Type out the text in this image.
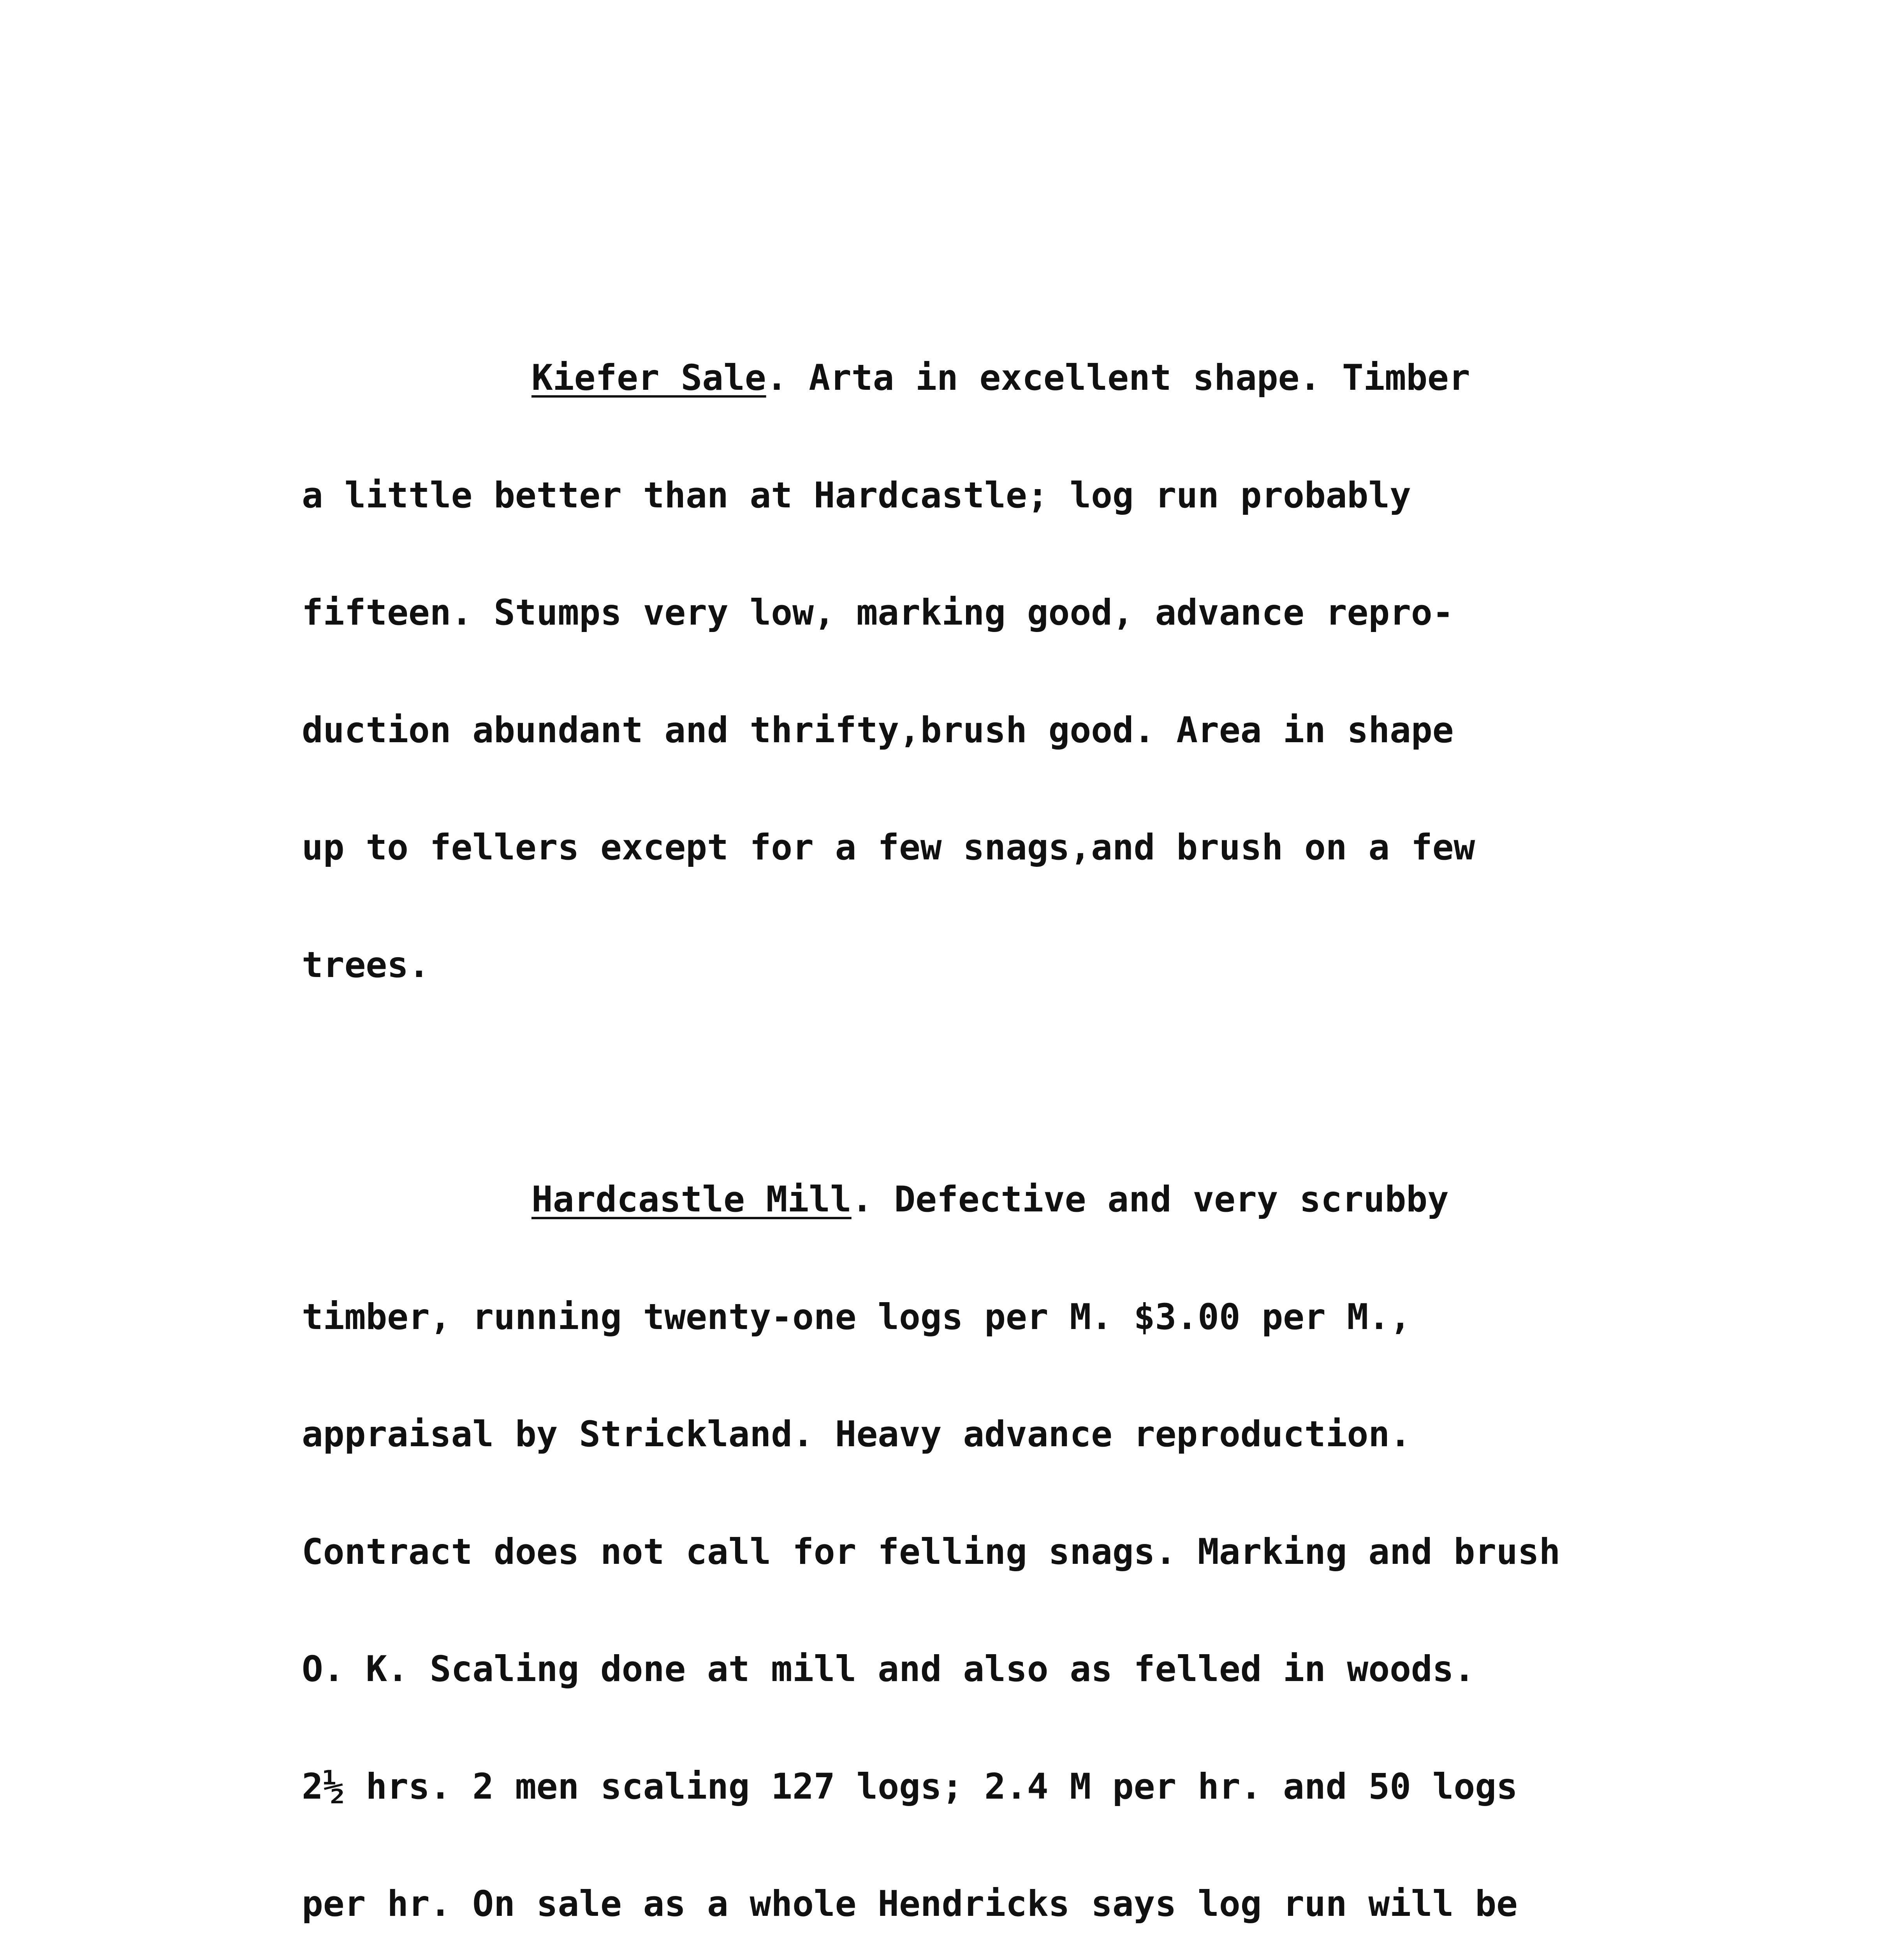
Kiefer Sale. Arta in excellent shape. Timber

a little better than at Hardcastle; log run probably

fifteen. Stumps very low, marking good, advance repro-

duction abundant and thrifty,brush good. Area in shape

up to fellers except for a few snags,and brush on a few

trees.

Hardcastle Mill. Defective and very scrubby

timber, running twenty-one logs per M. $3.00 per M.,

appraisal by Strickland. Heavy advance reproduction.

Contract does not call for felling snags. Marking and brush

O. K. Scaling done at mill and also as felled in woods.

2½ hrs. 2 men scaling 127 logs; 2.4 M per hr. and 50 logs

per hr. On sale as a whole Hendricks says log run will be
